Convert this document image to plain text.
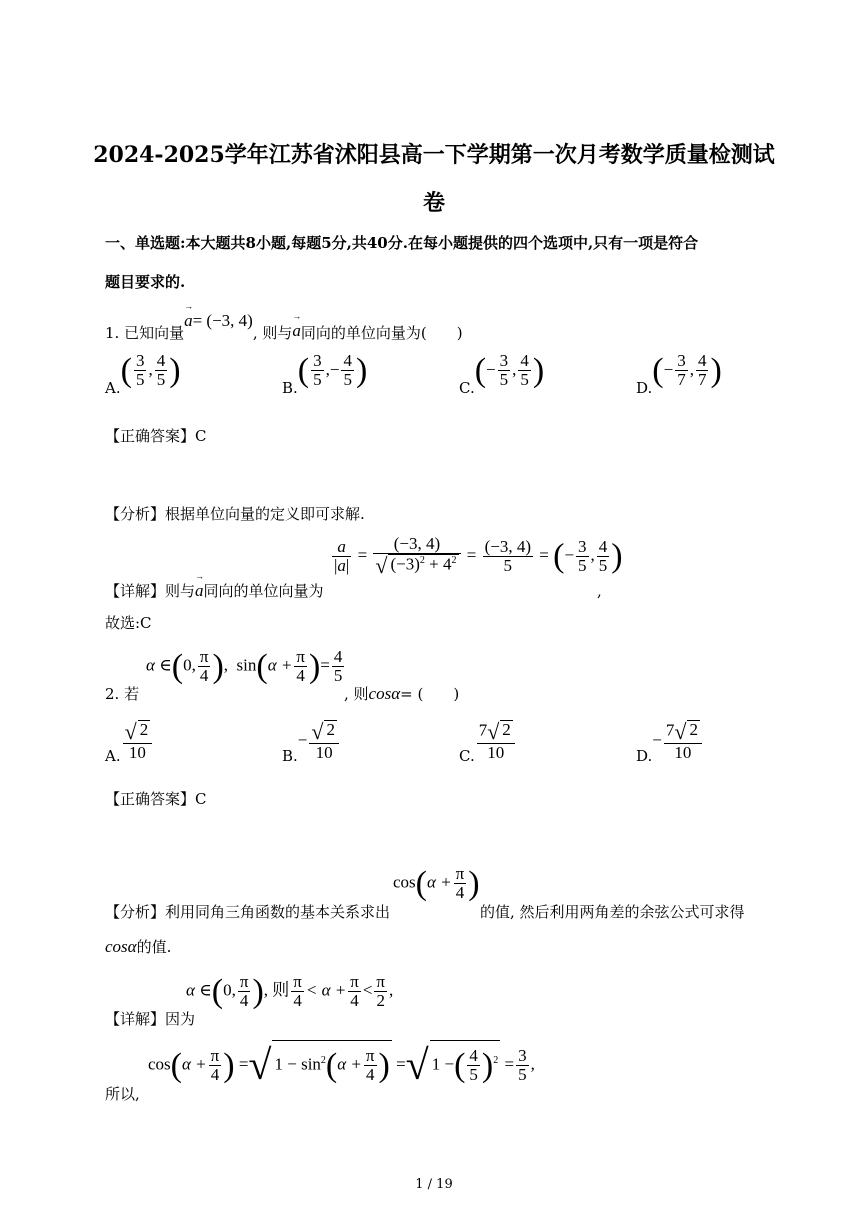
2024-2025学年江苏省沭阳县高一下学期第一次月考数学质量检测试
卷
一、单选题:本大题共8小题,每题5分,共40分.在每小题提供的四个选项中,只有一项是符合
题目要求的.
1. 已知向量→ a= (−3, 4), 则与→ a同向的单位向量为(　　)
$A.( \frac{3}{5}$ , $\frac{4}{5}$ )	$B.( \frac{3}{5}$ ,− $\frac{4}{5}$ )	$C.(- \frac{3}{5}$ , $\frac{4}{5}$ )	$D.(- \frac{3}{7}$ , $\frac{4}{7}$ )
【正确答案】C
【分析】根据单位向量的定义即可求解.
【详解】则与→ a同向的单位向量为
$\frac{a}{|a|} = \frac{(-3, 4)}{√ (-3)^2 + 4^2} = \frac{(-3, 4)}{5}$ = (− $\frac{3}{5}$ , $\frac{4}{5}$ )
,
故选:C
2. 若
α ∈(0, $\frac{\pi}{4}$ ),  $\sin(\alpha + \frac{\pi}{4}$ )= $\frac{4}{5}$
, 则cosα= (　　)
A. $\frac{√ 2}{10}$	$B.- \frac{√ 2}{10}$	C. $\frac{7√ 2}{10}$	$D.- \frac{7√ 2}{10}$
【正确答案】C
【分析】利用同角三角函数的基本关系求出
$\cos(\alpha + \frac{\pi}{4}$ )
的值, 然后利用两角差的余弦公式可求得
cosα的值.
【详解】因为
α ∈(0, $\frac{\pi}{4}$ ), 则 $\frac{\pi}{4} < \alpha + \frac{\pi}{4} < \frac{\pi}{2}$ ,
所以,
$\cos(\alpha + \frac{\pi}{4}$ ) =√ $1 - \sin^2(\alpha + \frac{\pi}{4}$ ) =√ 1 −( $\frac{4}{5} )^2 = \frac{3}{5}$ ,
1 / 19
